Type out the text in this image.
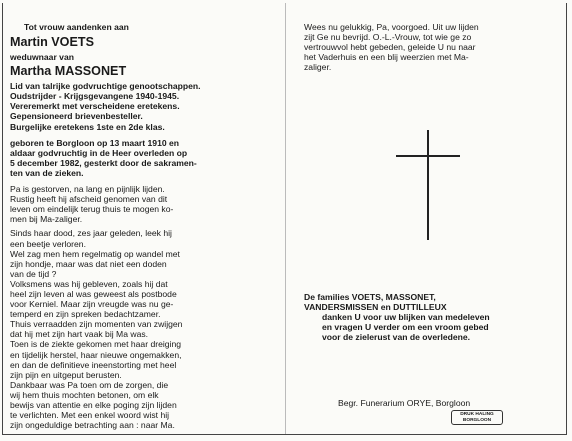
Tot vrouw aandenken aan
Martin VOETS
weduwnaar van
Martha MASSONET
Lid van talrijke godvruchtige genootschappen.
Oudstrijder - Krijgsgevangene 1940-1945.
Vereremerkt met verscheidene eretekens.
Gepensioneerd brievenbesteller.
Burgelijke eretekens 1ste en 2de klas.
geboren te Borgloon op 13 maart 1910 en
aldaar godvruchtig in de Heer overleden op
5 december 1982, gesterkt door de sakramen-
ten van de zieken.
Pa is gestorven, na lang en pijnlijk lijden.
Rustig heeft hij afscheid genomen van dit
leven om eindelijk terug thuis te mogen ko-
men bij Ma-zaliger.
Sinds haar dood, zes jaar geleden, leek hij
een beetje verloren.
Wel zag men hem regelmatig op wandel met
zijn hondje, maar was dat niet een doden
van de tijd ?
Volksmens was hij gebleven, zoals hij dat
heel zijn leven al was geweest als postbode
voor Kerniel. Maar zijn vreugde was nu ge-
temperd en zijn spreken bedachtzamer.
Thuis verraadden zijn momenten van zwijgen
dat hij met zijn hart vaak bij Ma was.
Toen is de ziekte gekomen met haar dreiging
en tijdelijk herstel, haar nieuwe ongemakken,
en dan de definitieve ineenstorting met heel
zijn pijn en uitgeput berusten.
Dankbaar was Pa toen om de zorgen, die
wij hem thuis mochten betonen, om elk
bewijs van attentie en elke poging zijn lijden
te verlichten. Met een enkel woord wist hij
zijn ongeduldige betrachting aan : naar Ma.
Wees nu gelukkig, Pa, voorgoed. Uit uw lijden
zijt Ge nu bevrijd. O.-L.-Vrouw, tot wie ge zo
vertrouwvol hebt gebeden, geleide U nu naar
het Vaderhuis en een blij weerzien met Ma-
zaliger.
De families VOETS, MASSONET,
VANDERSMISSEN en DUTTILLEUX
danken U voor uw blijken van medeleven
en vragen U verder om een vroom gebed
voor de zielerust van de overledene.
Begr. Funerarium ORYE, Borgloon
DRUK HALING
BORGLOON
